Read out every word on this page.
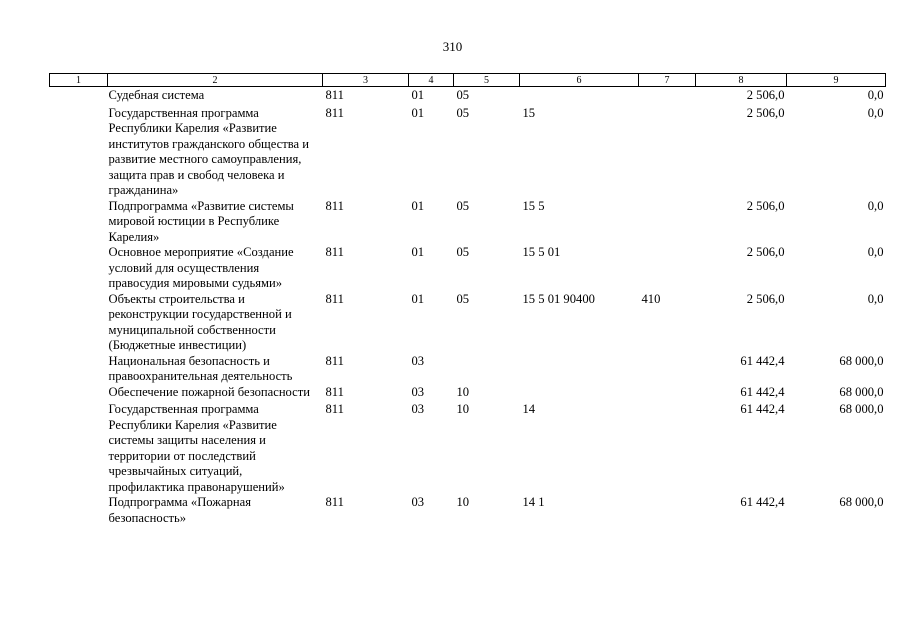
310
1	2	3	4	5	6	7	8	9
	Судебная система	811	01	05			2 506,0	0,0
	Государственная программа Республики Карелия «Развитие институтов гражданского общества и развитие местного самоуправления, защита прав и свобод человека и гражданина»	811	01	05	15		2 506,0	0,0
	Подпрограмма «Развитие системы мировой юстиции в Республике Карелия»	811	01	05	15 5		2 506,0	0,0
	Основное мероприятие «Создание условий для осуществления правосудия мировыми судьями»	811	01	05	15 5 01		2 506,0	0,0
	Объекты строительства и реконструкции государственной и муниципальной собственности (Бюджетные инвестиции)	811	01	05	15 5 01 90400	410	2 506,0	0,0
	Национальная безопасность и правоохранительная деятельность	811	03				61 442,4	68 000,0
	Обеспечение пожарной безопасности	811	03	10			61 442,4	68 000,0
	Государственная программа Республики Карелия «Развитие системы защиты населения и территории от последствий чрезвычайных ситуаций, профилактика правонарушений»	811	03	10	14		61 442,4	68 000,0
	Подпрограмма «Пожарная безопасность»	811	03	10	14 1		61 442,4	68 000,0
